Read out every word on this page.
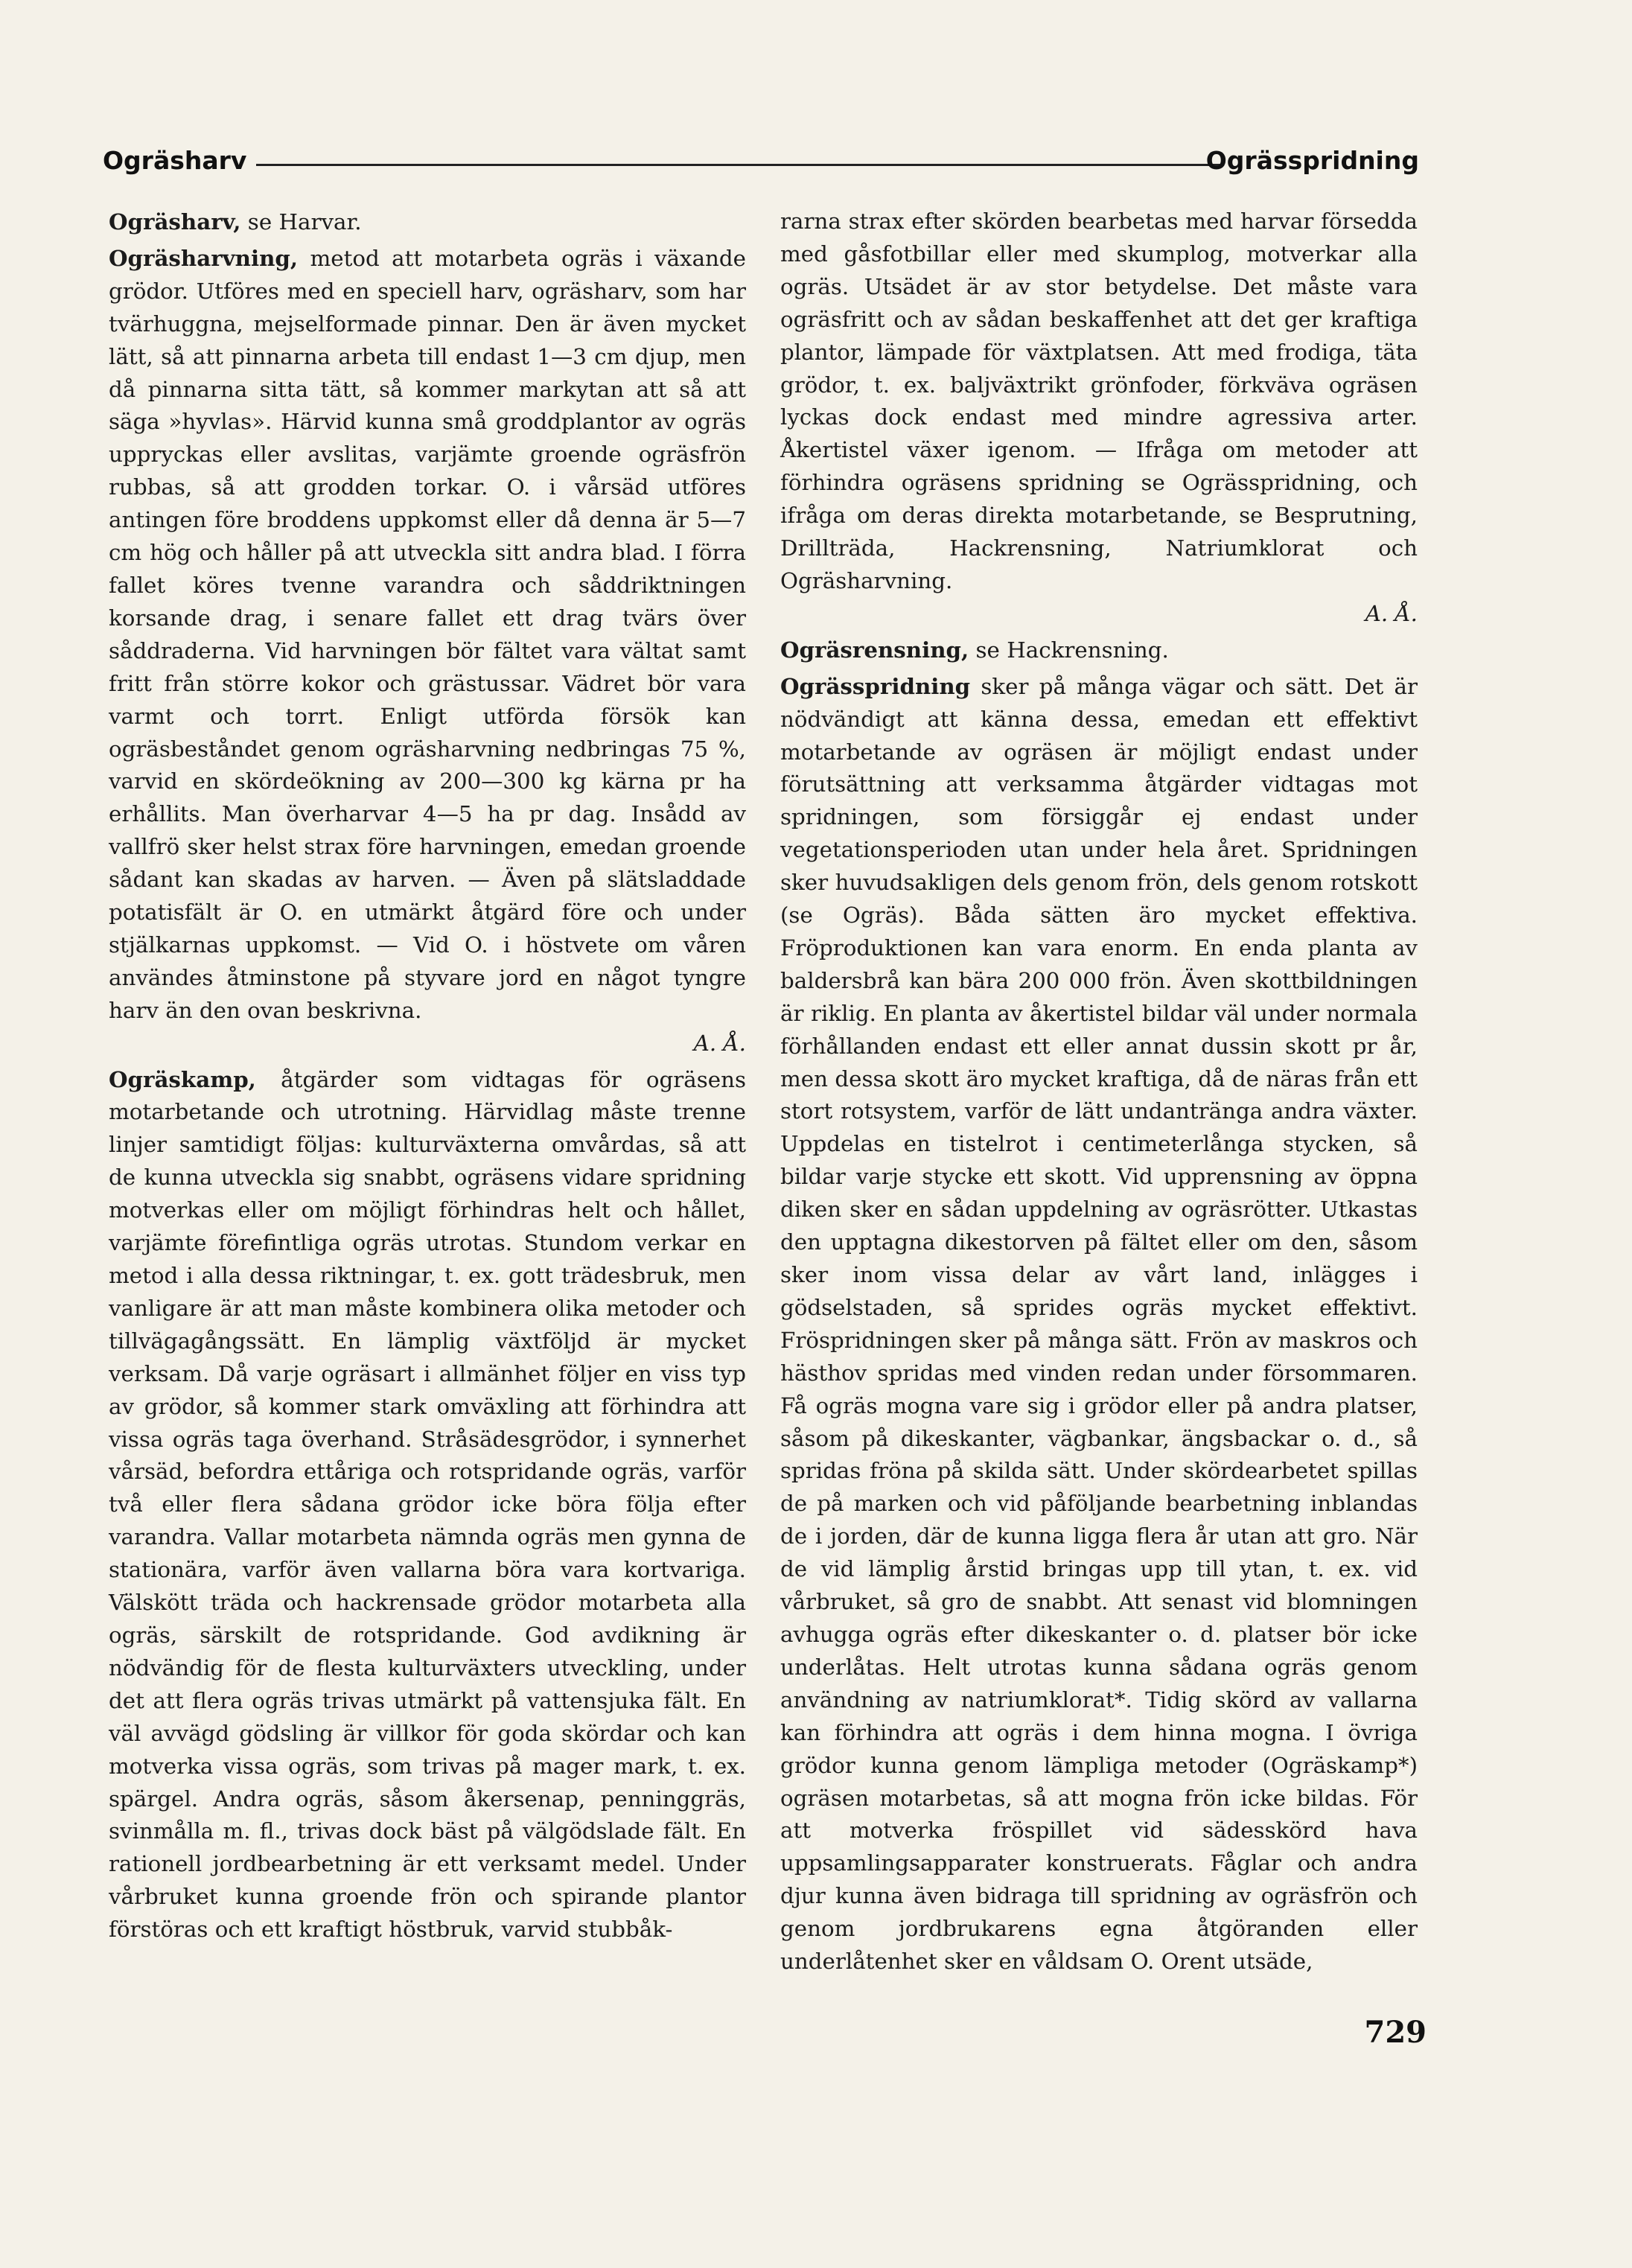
Ogräsharv	Ogrässpridning

Ogräsharv, se Harvar.

Ogräsharvning, metod att motarbeta ogräs i växande grödor. Utföres med en speciell harv, ogräsharv, som har tvärhuggna, mejselformade pinnar. Den är även mycket lätt, så att pinnarna arbeta till endast 1—3 cm djup, men då pinnarna sitta tätt, så kommer markytan att så att säga »hyvlas». Härvid kunna små groddplantor av ogräs uppryckas eller avslitas, varjämte groende ogräsfrön rubbas, så att grodden torkar. O. i vårsäd utföres antingen före broddens uppkomst eller då denna är 5—7 cm hög och håller på att utveckla sitt andra blad. I förra fallet köres tvenne varandra och såddriktningen korsande drag, i senare fallet ett drag tvärs över såddraderna. Vid harvningen bör fältet vara vältat samt fritt från större kokor och grästussar. Vädret bör vara varmt och torrt. Enligt utförda försök kan ogräsbeståndet genom ogräsharvning nedbringas 75 %, varvid en skördeökning av 200—300 kg kärna pr ha erhållits. Man överharvar 4—5 ha pr dag. Insådd av vallfrö sker helst strax före harvningen, emedan groende sådant kan skadas av harven. — Även på slätsladdade potatisfält är O. en utmärkt åtgärd före och under stjälkarnas uppkomst. — Vid O. i höstvete om våren användes åtminstone på styvare jord en något tyngre harv än den ovan beskrivna.
A. Å.

Ogräskamp, åtgärder som vidtagas för ogräsens motarbetande och utrotning. Härvidlag måste trenne linjer samtidigt följas: kulturväxterna omvårdas, så att de kunna utveckla sig snabbt, ogräsens vidare spridning motverkas eller om möjligt förhindras helt och hållet, varjämte förefintliga ogräs utrotas. Stundom verkar en metod i alla dessa riktningar, t. ex. gott trädesbruk, men vanligare är att man måste kombinera olika metoder och tillvägagångssätt. En lämplig växtföljd är mycket verksam. Då varje ogräsart i allmänhet följer en viss typ av grödor, så kommer stark omväxling att förhindra att vissa ogräs taga överhand. Stråsädesgrödor, i synnerhet vårsäd, befordra ettåriga och rotspridande ogräs, varför två eller flera sådana grödor icke böra följa efter varandra. Vallar motarbeta nämnda ogräs men gynna de stationära, varför även vallarna böra vara kortvariga. Välskött träda och hackrensade grödor motarbeta alla ogräs, särskilt de rotspridande. God avdikning är nödvändig för de flesta kulturväxters utveckling, under det att flera ogräs trivas utmärkt på vattensjuka fält. En väl avvägd gödsling är villkor för goda skördar och kan motverka vissa ogräs, som trivas på mager mark, t. ex. spärgel. Andra ogräs, såsom åkersenap, penninggräs, svinmålla m. fl., trivas dock bäst på välgödslade fält. En rationell jordbearbetning är ett verksamt medel. Under vårbruket kunna groende frön och spirande plantor förstöras och ett kraftigt höstbruk, varvid stubbåk-

rarna strax efter skörden bearbetas med harvar försedda med gåsfotbillar eller med skumplog, motverkar alla ogräs. Utsädet är av stor betydelse. Det måste vara ogräsfritt och av sådan beskaffenhet att det ger kraftiga plantor, lämpade för växtplatsen. Att med frodiga, täta grödor, t. ex. baljväxtrikt grönfoder, förkväva ogräsen lyckas dock endast med mindre agressiva arter. Åkertistel växer igenom. — Ifråga om metoder att förhindra ogräsens spridning se Ogrässpridning, och ifråga om deras direkta motarbetande, se Besprutning, Drillträda, Hackrensning, Natriumklorat och Ogräsharvning.
A. Å.

Ogräsrensning, se Hackrensning.

Ogrässpridning sker på många vägar och sätt. Det är nödvändigt att känna dessa, emedan ett effektivt motarbetande av ogräsen är möjligt endast under förutsättning att verksamma åtgärder vidtagas mot spridningen, som försiggår ej endast under vegetationsperioden utan under hela året. Spridningen sker huvudsakligen dels genom frön, dels genom rotskott (se Ogräs). Båda sätten äro mycket effektiva. Fröproduktionen kan vara enorm. En enda planta av baldersbrå kan bära 200 000 frön. Även skottbildningen är riklig. En planta av åkertistel bildar väl under normala förhållanden endast ett eller annat dussin skott pr år, men dessa skott äro mycket kraftiga, då de näras från ett stort rotsystem, varför de lätt undantränga andra växter. Uppdelas en tistelrot i centimeterlånga stycken, så bildar varje stycke ett skott. Vid upprensning av öppna diken sker en sådan uppdelning av ogräsrötter. Utkastas den upptagna dikestorven på fältet eller om den, såsom sker inom vissa delar av vårt land, inlägges i gödselstaden, så sprides ogräs mycket effektivt. Fröspridningen sker på många sätt. Frön av maskros och hästhov spridas med vinden redan under försommaren. Få ogräs mogna vare sig i grödor eller på andra platser, såsom på dikeskanter, vägbankar, ängsbackar o. d., så spridas fröna på skilda sätt. Under skördearbetet spillas de på marken och vid påföljande bearbetning inblandas de i jorden, där de kunna ligga flera år utan att gro. När de vid lämplig årstid bringas upp till ytan, t. ex. vid vårbruket, så gro de snabbt. Att senast vid blomningen avhugga ogräs efter dikeskanter o. d. platser bör icke underlåtas. Helt utrotas kunna sådana ogräs genom användning av natriumklorat*. Tidig skörd av vallarna kan förhindra att ogräs i dem hinna mogna. I övriga grödor kunna genom lämpliga metoder (Ogräskamp*) ogräsen motarbetas, så att mogna frön icke bildas. För att motverka fröspillet vid sädesskörd hava uppsamlingsapparater konstruerats. Fåglar och andra djur kunna även bidraga till spridning av ogräsfrön och genom jordbrukarens egna åtgöranden eller underlåtenhet sker en våldsam O. Orent utsäde,

729
